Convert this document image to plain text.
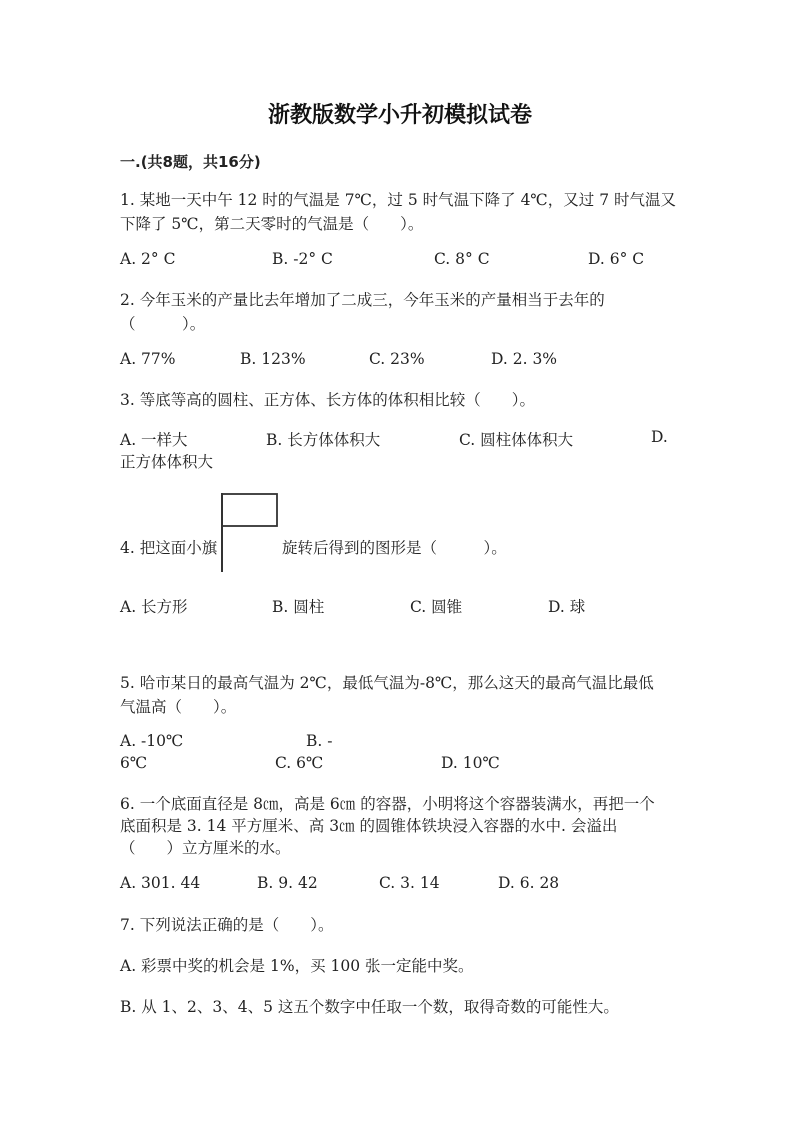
浙教版数学小升初模拟试卷
一.(共8题，共16分)
1. 某地一天中午 12 时的气温是 7℃，过 5 时气温下降了 4℃，又过 7 时气温又
下降了 5℃，第二天零时的气温是（　　）。
A. 2° C	B. -2° C	C. 8° C	D. 6° C
2. 今年玉米的产量比去年增加了二成三，今年玉米的产量相当于去年的
（　　　）。
A. 77%	B. 123%	C. 23%	D. 2. 3%
3. 等底等高的圆柱、正方体、长方体的体积相比较（　　）。
A. 一样大	B. 长方体体积大	C. 圆柱体体积大	D.
正方体体积大
4. 把这面小旗	旋转后得到的图形是（　　　）。
A. 长方形	B. 圆柱	C. 圆锥	D. 球
5. 哈市某日的最高气温为 2℃，最低气温为-8℃，那么这天的最高气温比最低
气温高（　　）。
A. -10℃	B. -
6℃	C. 6℃	D. 10℃
6. 一个底面直径是 8㎝，高是 6㎝ 的容器，小明将这个容器装满水，再把一个
底面积是 3. 14 平方厘米、高 3㎝ 的圆锥体铁块浸入容器的水中. 会溢出
（　　）立方厘米的水。
A. 301. 44	B. 9. 42	C. 3. 14	D. 6. 28
7. 下列说法正确的是（　　）。
A. 彩票中奖的机会是 1%，买 100 张一定能中奖。
B. 从 1、2、3、4、5 这五个数字中任取一个数，取得奇数的可能性大。
